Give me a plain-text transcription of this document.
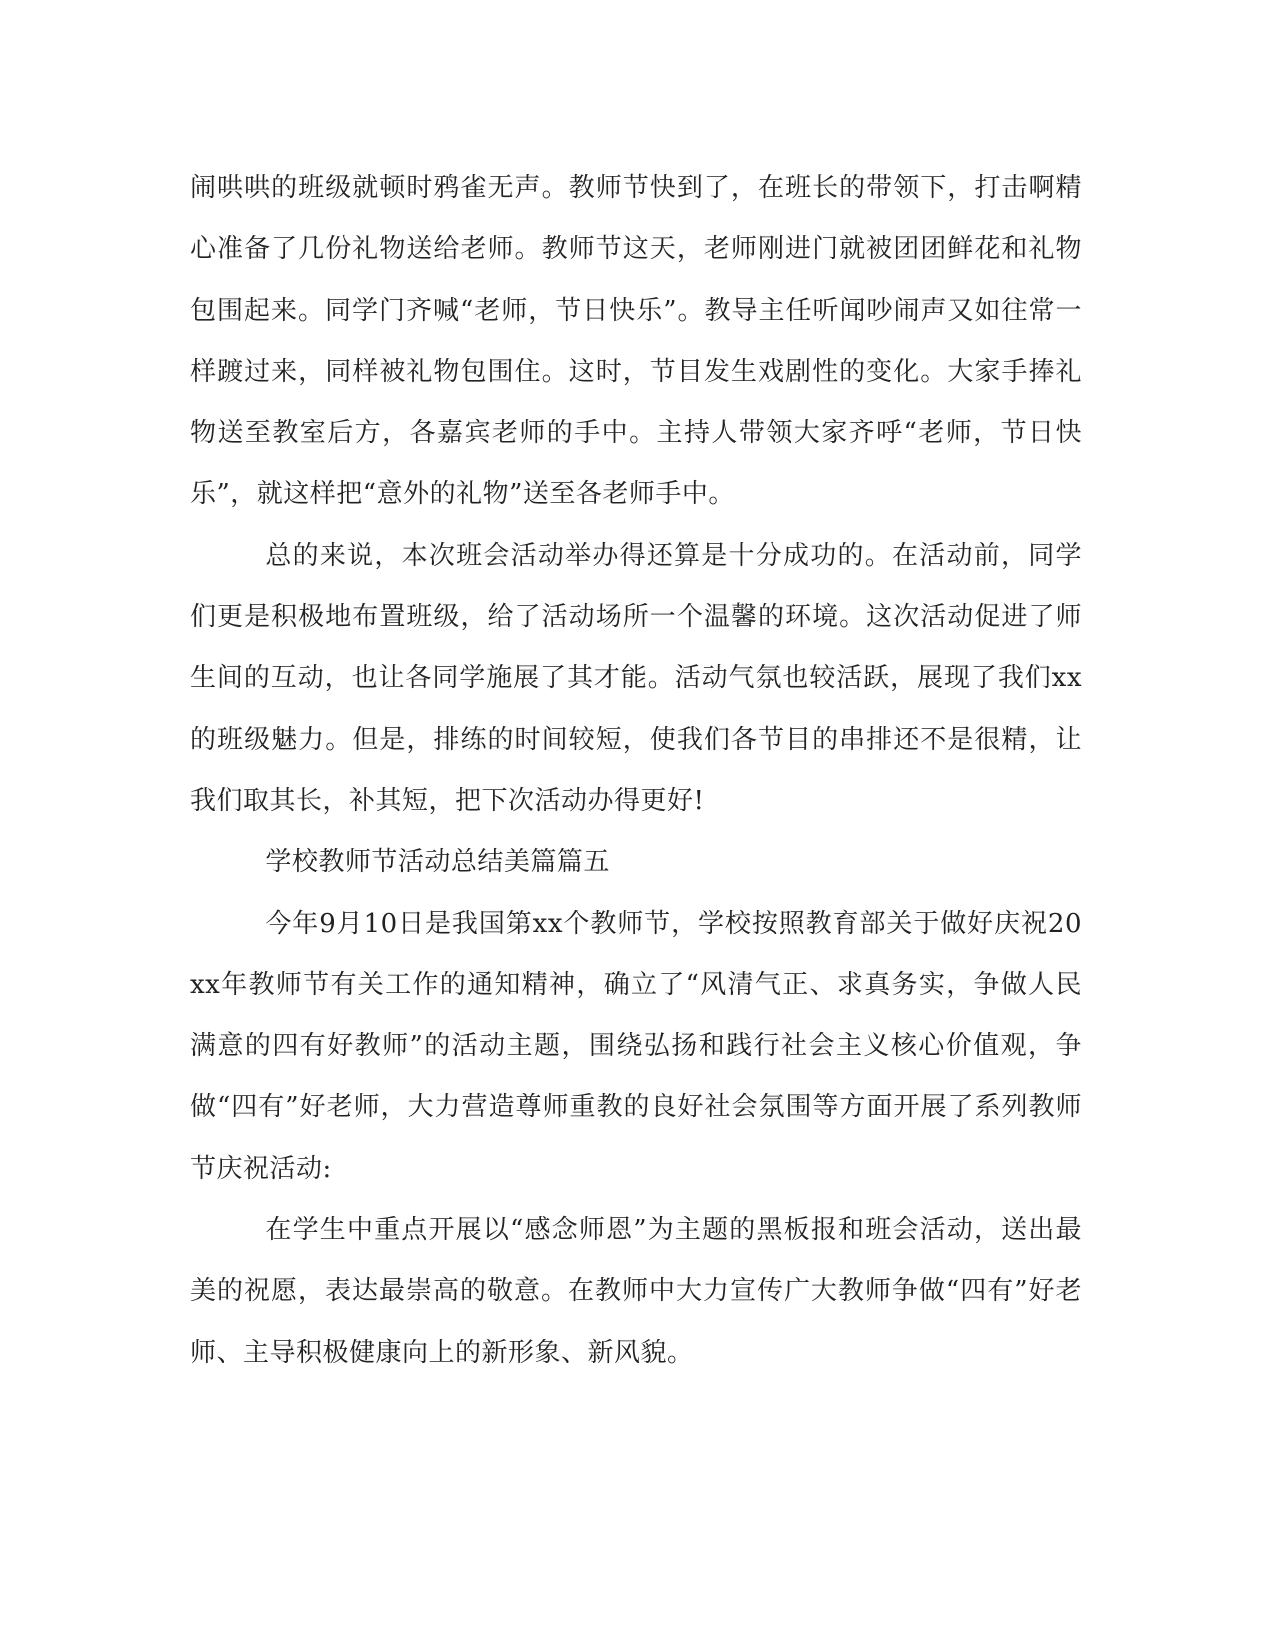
闹哄哄的班级就顿时鸦雀无声。教师节快到了，在班长的带领下，打击啊精心准备了几份礼物送给老师。教师节这天，老师刚进门就被团团鲜花和礼物包围起来。同学门齐喊“老师，节日快乐”。教导主任听闻吵闹声又如往常一样踱过来，同样被礼物包围住。这时，节目发生戏剧性的变化。大家手捧礼物送至教室后方，各嘉宾老师的手中。主持人带领大家齐呼“老师，节日快乐”，就这样把“意外的礼物”送至各老师手中。

总的来说，本次班会活动举办得还算是十分成功的。在活动前，同学们更是积极地布置班级，给了活动场所一个温馨的环境。这次活动促进了师生间的互动，也让各同学施展了其才能。活动气氛也较活跃，展现了我们xx的班级魅力。但是，排练的时间较短，使我们各节目的串排还不是很精，让我们取其长，补其短，把下次活动办得更好!

学校教师节活动总结美篇篇五

今年9月10日是我国第xx个教师节，学校按照教育部关于做好庆祝20xx年教师节有关工作的通知精神，确立了“风清气正、求真务实，争做人民满意的四有好教师”的活动主题，围绕弘扬和践行社会主义核心价值观，争做“四有”好老师，大力营造尊师重教的良好社会氛围等方面开展了系列教师节庆祝活动:

在学生中重点开展以“感念师恩”为主题的黑板报和班会活动，送出最美的祝愿，表达最崇高的敬意。在教师中大力宣传广大教师争做“四有”好老师、主导积极健康向上的新形象、新风貌。
